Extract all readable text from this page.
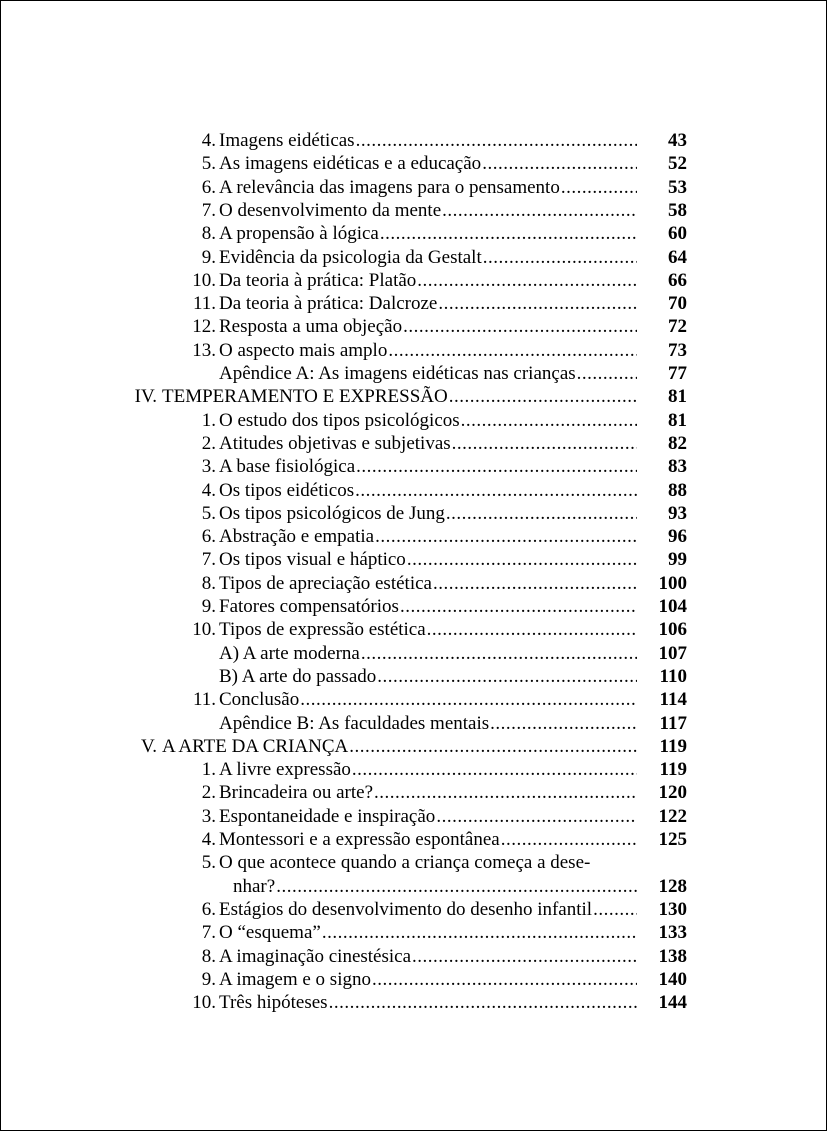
4. Imagens eidéticas .....	43
5. As imagens eidéticas e a educação .....	52
6. A relevância das imagens para o pensamento .....	53
7. O desenvolvimento da mente .....	58
8. A propensão à lógica .....	60
9. Evidência da psicologia da Gestalt .....	64
10. Da teoria à prática: Platão .....	66
11. Da teoria à prática: Dalcroze .....	70
12. Resposta a uma objeção .....	72
13. O aspecto mais amplo .....	73
Apêndice A: As imagens eidéticas nas crianças .....	77
IV. TEMPERAMENTO E EXPRESSÃO .....	81
1. O estudo dos tipos psicológicos .....	81
2. Atitudes objetivas e subjetivas .....	82
3. A base fisiológica .....	83
4. Os tipos eidéticos .....	88
5. Os tipos psicológicos de Jung .....	93
6. Abstração e empatia .....	96
7. Os tipos visual e háptico .....	99
8. Tipos de apreciação estética .....	100
9. Fatores compensatórios .....	104
10. Tipos de expressão estética .....	106
A) A arte moderna .....	107
B) A arte do passado .....	110
11. Conclusão .....	114
Apêndice B: As faculdades mentais .....	117
V. A ARTE DA CRIANÇA .....	119
1. A livre expressão .....	119
2. Brincadeira ou arte? .....	120
3. Espontaneidade e inspiração .....	122
4. Montessori e a expressão espontânea .....	125
5. O que acontece quando a criança começa a dese-
nhar? .....	128
6. Estágios do desenvolvimento do desenho infantil .....	130
7. O “esquema” .....	133
8. A imaginação cinestésica .....	138
9. A imagem e o signo .....	140
10. Três hipóteses .....	144
